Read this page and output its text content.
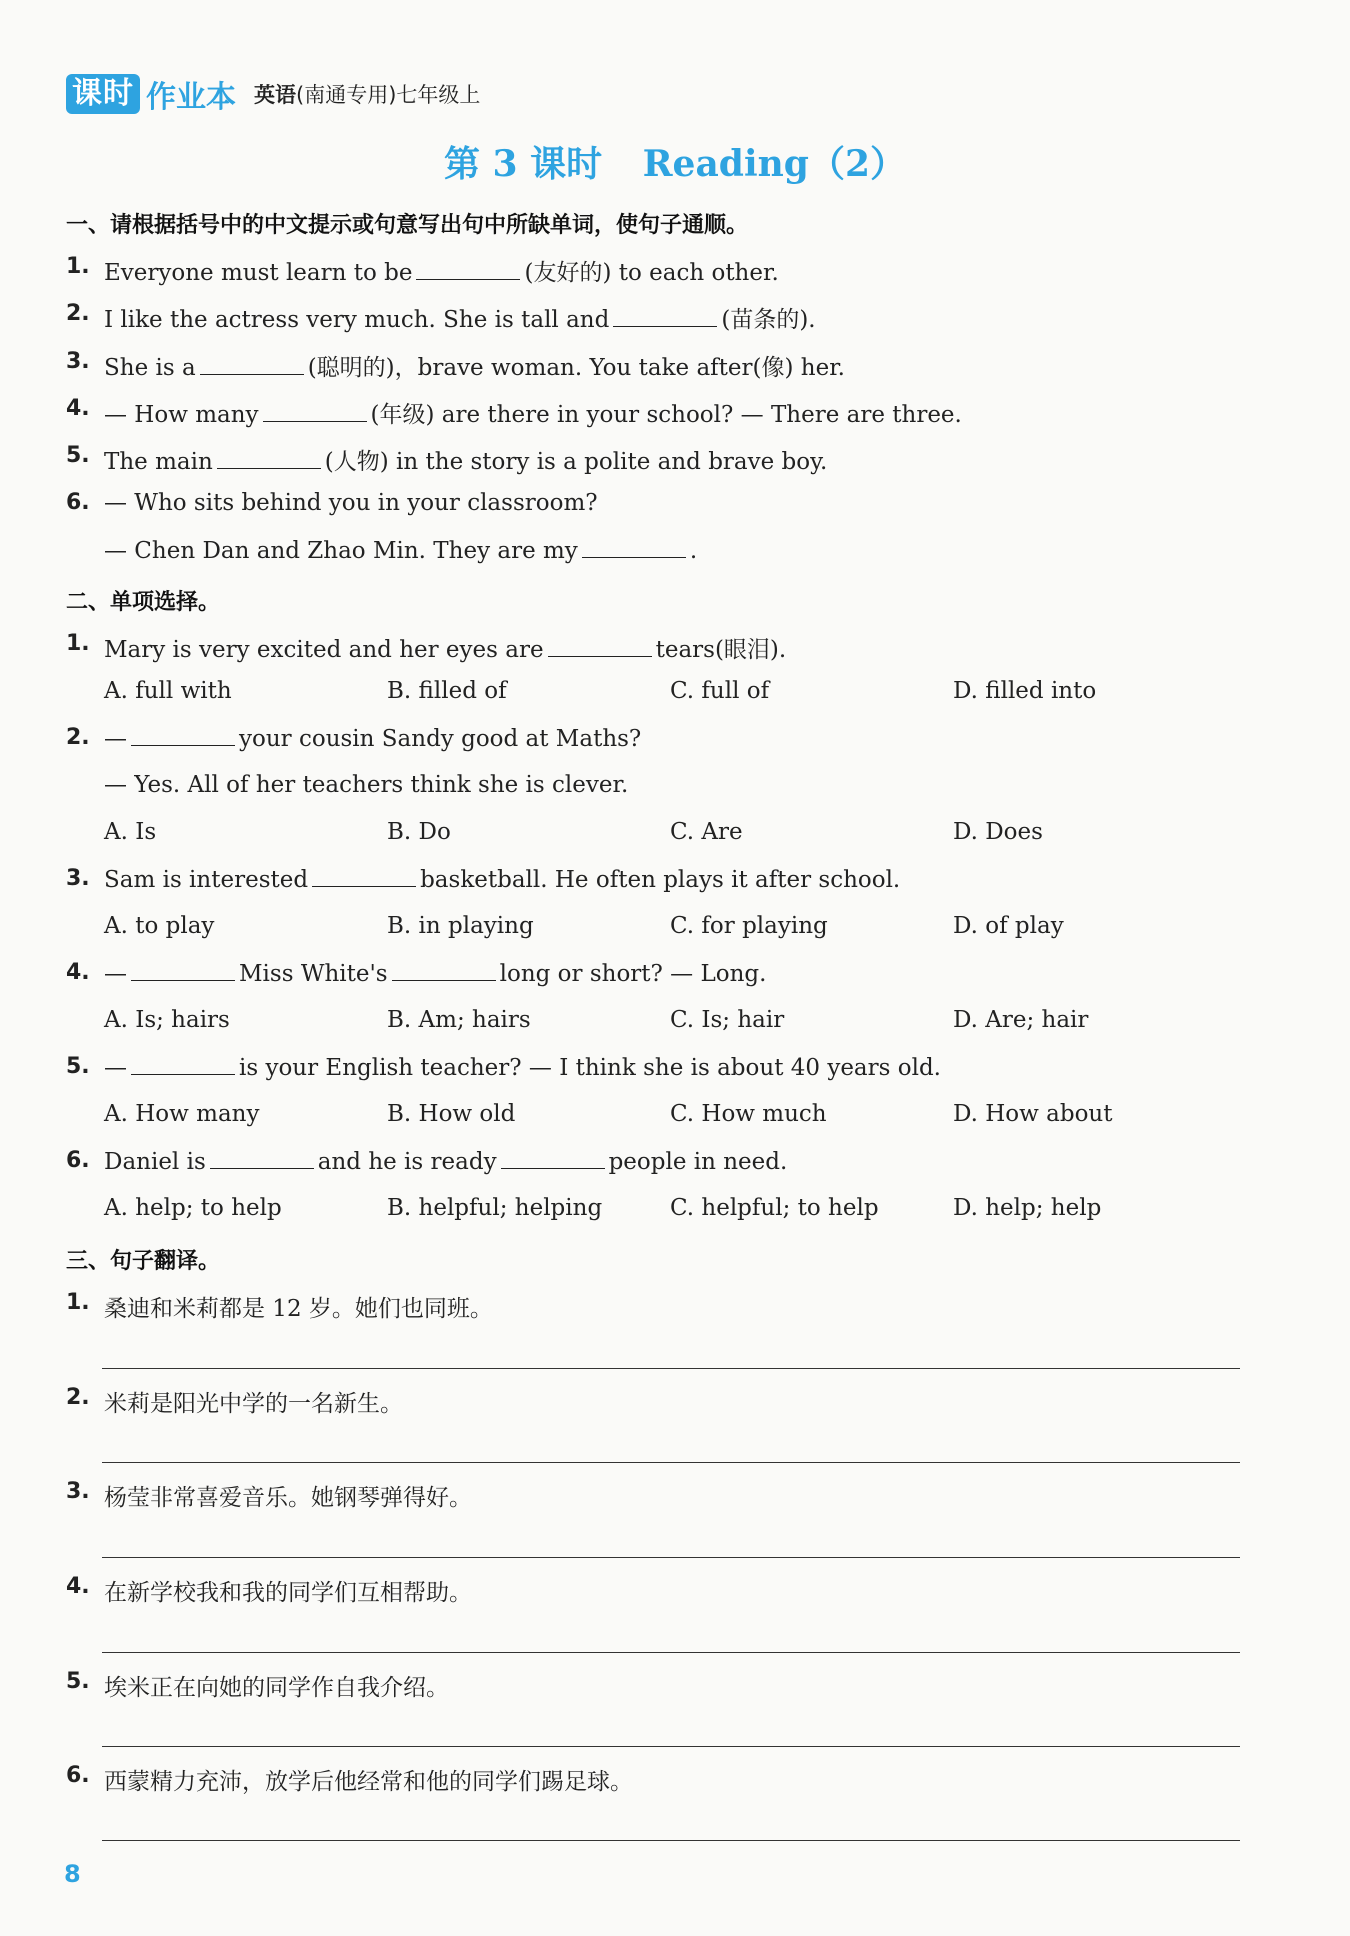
课时 作业本 英语(南通专用)七年级上
第 3 课时 Reading（2）
一、请根据括号中的中文提示或句意写出句中所缺单词，使句子通顺。
1. Everyone must learn to be	(友好的) to each other.
2. I like the actress very much. She is tall and	(苗条的).
3. She is a	(聪明的)，brave woman. You take after(像) her.
4. — How many	(年级) are there in your school? — There are three.
5. The main	(人物) in the story is a polite and brave boy.
6. — Who sits behind you in your classroom?
— Chen Dan and Zhao Min. They are my	.
二、单项选择。
1. Mary is very excited and her eyes are	tears(眼泪).
A. full with	B. filled of	C. full of	D. filled into
2. —	your cousin Sandy good at Maths?
— Yes. All of her teachers think she is clever.
A. Is	B. Do	C. Are	D. Does
3. Sam is interested	basketball. He often plays it after school.
A. to play	B. in playing	C. for playing	D. of play
4. —	Miss White's	long or short? — Long.
A. Is; hairs	B. Am; hairs	C. Is; hair	D. Are; hair
5. —	is your English teacher? — I think she is about 40 years old.
A. How many	B. How old	C. How much	D. How about
6. Daniel is	and he is ready	people in need.
A. help; to help	B. helpful; helping	C. helpful; to help	D. help; help
三、句子翻译。
1. 桑迪和米莉都是 12 岁。她们也同班。
2. 米莉是阳光中学的一名新生。
3. 杨莹非常喜爱音乐。她钢琴弹得好。
4. 在新学校我和我的同学们互相帮助。
5. 埃米正在向她的同学作自我介绍。
6. 西蒙精力充沛，放学后他经常和他的同学们踢足球。
8
